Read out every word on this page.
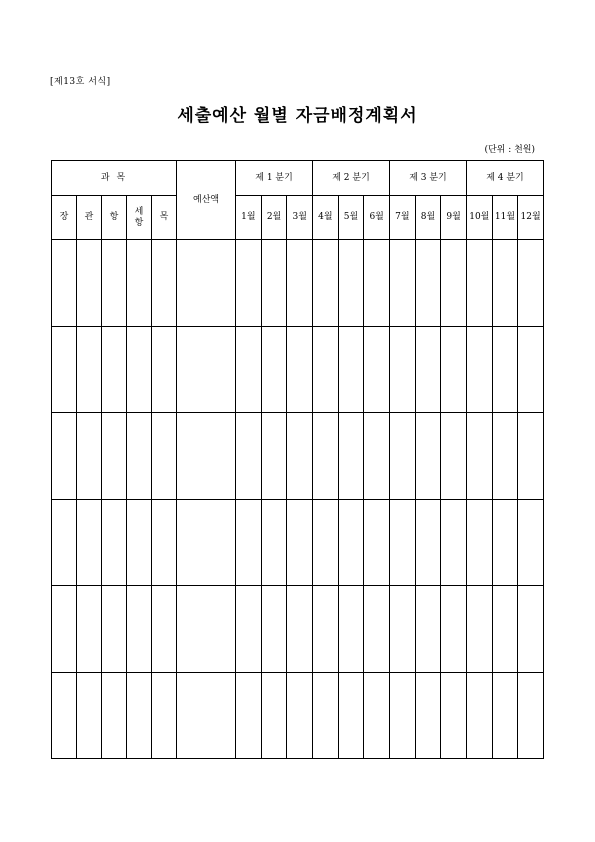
[제13호 서식]
세출예산 월별 자금배정계획서
(단위 : 천원)
과 목					예산액	제 1 분기			제 2 분기			제 3 분기			제 4 분기		
장	관	항	세항	목		1월	2월	3월	4월	5월	6월	7월	8월	9월	10월	11월	12월
